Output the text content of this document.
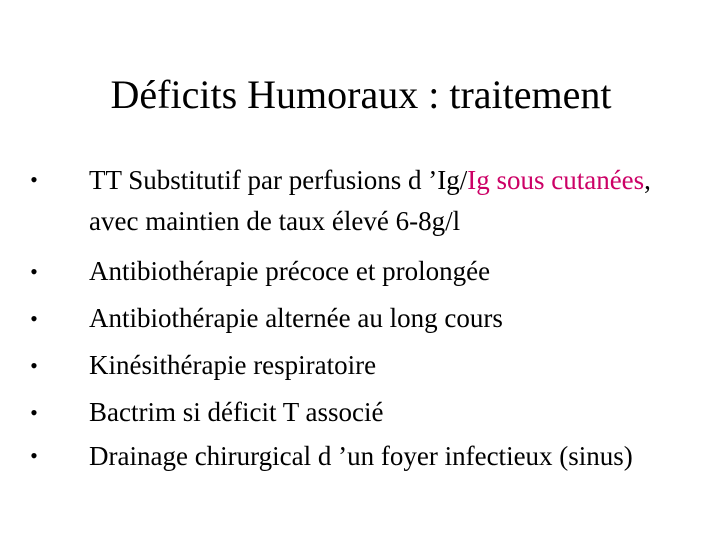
Déficits Humoraux : traitement
• TT Substitutif par perfusions d ’Ig/Ig sous cutanées, avec maintien de taux élevé 6-8g/l
• Antibiothérapie précoce et prolongée
• Antibiothérapie alternée au long cours
• Kinésithérapie respiratoire
• Bactrim si déficit T associé
• Drainage chirurgical d ’un foyer infectieux (sinus)
